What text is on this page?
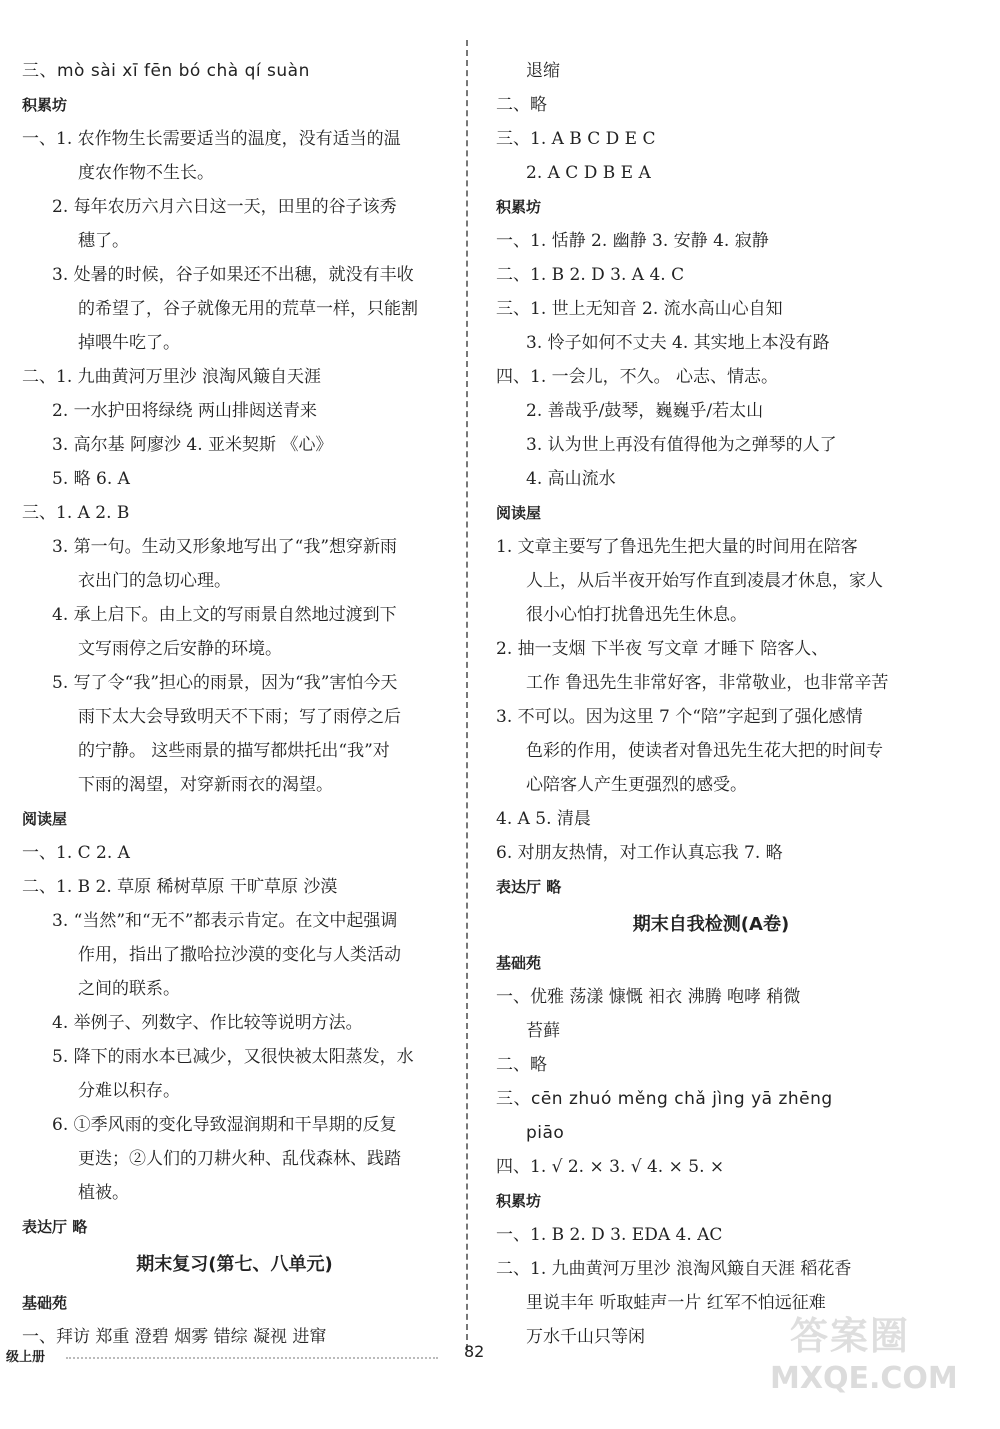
三、mò sài xī fēn bó chà qí suàn
积累坊
一、1. 农作物生长需要适当的温度，没有适当的温
度农作物不生长。
2. 每年农历六月六日这一天，田里的谷子该秀
穗了。
3. 处暑的时候，谷子如果还不出穗，就没有丰收
的希望了，谷子就像无用的荒草一样，只能割
掉喂牛吃了。
二、1. 九曲黄河万里沙 浪淘风簸自天涯
2. 一水护田将绿绕 两山排闼送青来
3. 高尔基 阿廖沙 4. 亚米契斯 《心》
5. 略 6. A
三、1. A 2. B
3. 第一句。生动又形象地写出了“我”想穿新雨
衣出门的急切心理。
4. 承上启下。由上文的写雨景自然地过渡到下
文写雨停之后安静的环境。
5. 写了令“我”担心的雨景，因为“我”害怕今天
雨下太大会导致明天不下雨；写了雨停之后
的宁静。 这些雨景的描写都烘托出“我”对
下雨的渴望，对穿新雨衣的渴望。
阅读屋
一、1. C 2. A
二、1. B 2. 草原 稀树草原 干旷草原 沙漠
3. “当然”和“无不”都表示肯定。在文中起强调
作用，指出了撒哈拉沙漠的变化与人类活动
之间的联系。
4. 举例子、列数字、作比较等说明方法。
5. 降下的雨水本已减少，又很快被太阳蒸发，水
分难以积存。
6. ①季风雨的变化导致湿润期和干旱期的反复
更迭；②人们的刀耕火种、乱伐森林、践踏
植被。
表达厅 略
期末复习(第七、八单元)
基础苑
一、拜访 郑重 澄碧 烟雾 错综 凝视 进窜
退缩
二、略
三、1. A B C D E C
2. A C D B E A
积累坊
一、1. 恬静 2. 幽静 3. 安静 4. 寂静
二、1. B 2. D 3. A 4. C
三、1. 世上无知音 2. 流水高山心自知
3. 怜子如何不丈夫 4. 其实地上本没有路
四、1. 一会儿，不久。 心志、情志。
2. 善哉乎/鼓琴，巍巍乎/若太山
3. 认为世上再没有值得他为之弹琴的人了
4. 高山流水
阅读屋
1. 文章主要写了鲁迅先生把大量的时间用在陪客
人上，从后半夜开始写作直到凌晨才休息，家人
很小心怕打扰鲁迅先生休息。
2. 抽一支烟 下半夜 写文章 才睡下 陪客人、
工作 鲁迅先生非常好客，非常敬业，也非常辛苦
3. 不可以。因为这里 7 个“陪”字起到了强化感情
色彩的作用，使读者对鲁迅先生花大把的时间专
心陪客人产生更强烈的感受。
4. A 5. 清晨
6. 对朋友热情，对工作认真忘我 7. 略
表达厅 略
期末自我检测(A卷)
基础苑
一、优雅 荡漾 慷慨 衵衣 沸腾 咆哮 稍微
苔藓
二、略
三、cēn zhuó měng chǎ jìng yā zhēng
piāo
四、1. √ 2. × 3. √ 4. × 5. ×
积累坊
一、1. B 2. D 3. EDA 4. AC
二、1. 九曲黄河万里沙 浪淘风簸自天涯 稻花香
里说丰年 听取蛙声一片 红军不怕远征难
万水千山只等闲
级上册	82	答案圈
MXQE.COM
